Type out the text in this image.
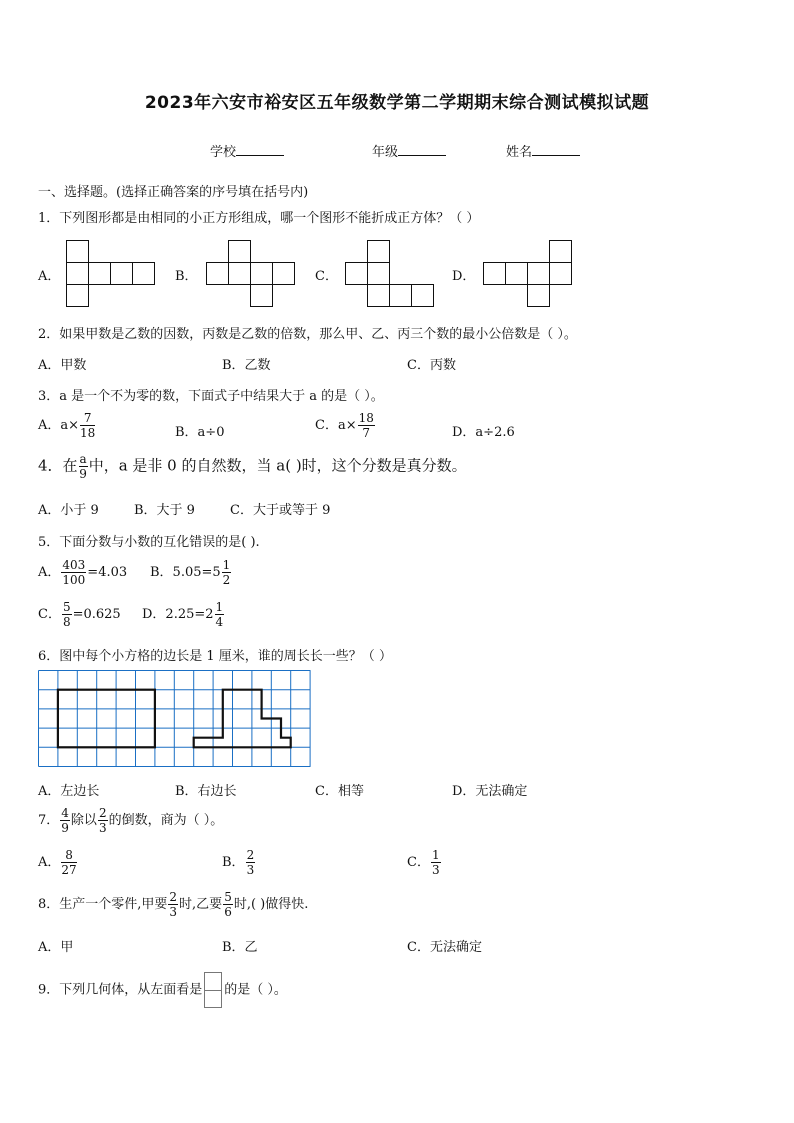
2023年六安市裕安区五年级数学第二学期期末综合测试模拟试题
学校	年级	姓名
一、选择题。(选择正确答案的序号填在括号内)
1．下列图形都是由相同的小正方形组成，哪一个图形不能折成正方体？（ ）
A．	B．	C．	D．
2．如果甲数是乙数的因数，丙数是乙数的倍数，那么甲、乙、丙三个数的最小公倍数是（ ）。
A．甲数	B．乙数	C．丙数
3．a 是一个不为零的数，下面式子中结果大于 a 的是（ ）。
A．$a\times \frac{7}{18}$	B．a÷0	C．$a\times \frac{18}{7}$	D．a÷2.6
4．在 $\frac{a}{9}$ 中，a 是非 0 的自然数，当 a( )时，这个分数是真分数。
A．小于 9	B．大于 9	C．大于或等于 9
5．下面分数与小数的互化错误的是( ).
A． $\frac{403}{100} =4.03$ B．$5.05=5 \frac{1}{2}$
C． $\frac{5}{8} =0.625$ D．$2.25=2 \frac{1}{4}$
6．图中每个小方格的边长是 1 厘米，谁的周长长一些？（ ）
A．左边长	B．右边长	C．相等	D．无法确定
7． $\frac{4}{9}$ 除以 $\frac{2}{3}$ 的倒数，商为（ ）。
A． $\frac{8}{27}$	B． $\frac{2}{3}$	C． $\frac{1}{3}$
8．生产一个零件,甲要 $\frac{2}{3}$ 时,乙要 $\frac{5}{6}$ 时,( )做得快.
A．甲	B．乙	C．无法确定
9．下列几何体，从左面看是 的是（ ）。
